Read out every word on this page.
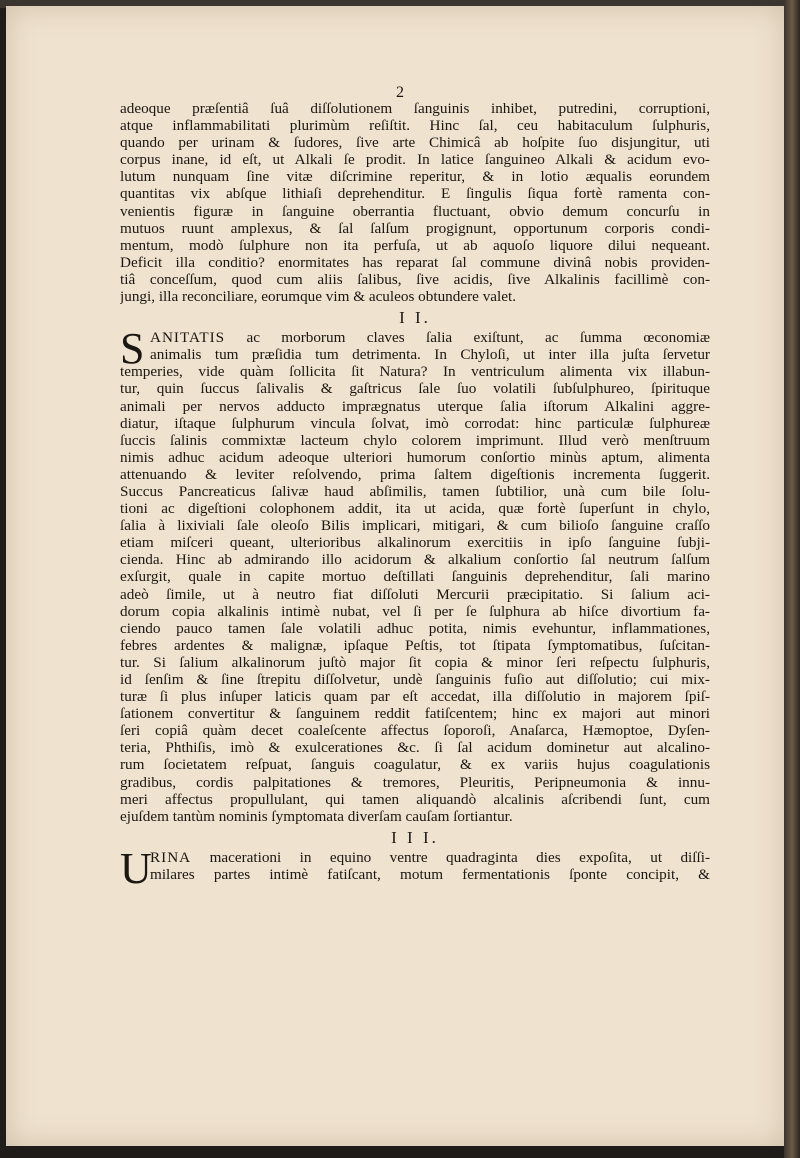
2
adeoque præſentiâ ſuâ diſſolutionem ſanguinis inhibet, putredini, corruptioni,
atque inflammabilitati plurimùm reſiſtit. Hinc ſal, ceu habitaculum ſulphuris,
quando per urinam & ſudores, ſive arte Chimicâ ab hoſpite ſuo disjungitur, uti
corpus inane, id eſt, ut Alkali ſe prodit. In latice ſanguineo Alkali & acidum evo-
lutum nunquam ſine vitæ diſcrimine reperitur, & in lotio æqualis eorundem
quantitas vix abſque lithiaſi deprehenditur. E ſingulis ſiqua fortè ramenta con-
venientis figuræ in ſanguine oberrantia fluctuant, obvio demum concurſu in
mutuos ruunt amplexus, & ſal ſalſum progignunt, opportunum corporis condi-
mentum, modò ſulphure non ita perfuſa, ut ab aquoſo liquore dilui nequeant.
Deficit illa conditio? enormitates has reparat ſal commune divinâ nobis providen-
tiâ conceſſum, quod cum aliis ſalibus, ſive acidis, ſive Alkalinis facillimè con-
jungi, illa reconciliare, eorumque vim & aculeos obtundere valet.
I I.
S ANITATIS ac morborum claves ſalia exiſtunt, ac ſumma œconomiæ
animalis tum præſidia tum detrimenta. In Chyloſi, ut inter illa juſta ſervetur
temperies, vide quàm ſollicita ſit Natura? In ventriculum alimenta vix illabun-
tur, quin ſuccus ſalivalis & gaſtricus ſale ſuo volatili ſubſulphureo, ſpirituque
animali per nervos adducto imprægnatus uterque ſalia iſtorum Alkalini aggre-
diatur, iſtaque ſulphurum vincula ſolvat, imò corrodat: hinc particulæ ſulphureæ
ſuccis ſalinis commixtæ lacteum chylo colorem imprimunt. Illud verò menſtruum
nimis adhuc acidum adeoque ulteriori humorum conſortio minùs aptum, alimenta
attenuando & leviter reſolvendo, prima ſaltem digeſtionis incrementa ſuggerit.
Succus Pancreaticus ſalivæ haud abſimilis, tamen ſubtilior, unà cum bile ſolu-
tioni ac digeſtioni colophonem addit, ita ut acida, quæ fortè ſuperſunt in chylo,
ſalia à lixiviali ſale oleoſo Bilis implicari, mitigari, & cum bilioſo ſanguine craſſo
etiam miſceri queant, ulterioribus alkalinorum exercitiis in ipſo ſanguine ſubji-
cienda. Hinc ab admirando illo acidorum & alkalium conſortio ſal neutrum ſalſum
exſurgit, quale in capite mortuo deſtillati ſanguinis deprehenditur, ſali marino
adeò ſimile, ut à neutro fiat diſſoluti Mercurii præcipitatio. Si ſalium aci-
dorum copia alkalinis intimè nubat, vel ſi per ſe ſulphura ab hiſce divortium fa-
ciendo pauco tamen ſale volatili adhuc potita, nimis evehuntur, inflammationes,
febres ardentes & malignæ, ipſaque Peſtis, tot ſtipata ſymptomatibus, ſuſcitan-
tur. Si ſalium alkalinorum juſtò major ſit copia & minor ſeri reſpectu ſulphuris,
id ſenſim & ſine ſtrepitu diſſolvetur, undè ſanguinis fuſio aut diſſolutio; cui mix-
turæ ſi plus inſuper laticis quam par eſt accedat, illa diſſolutio in majorem ſpiſ-
ſationem convertitur & ſanguinem reddit fatiſcentem; hinc ex majori aut minori
ſeri copiâ quàm decet coaleſcente affectus ſoporoſi, Anaſarca, Hæmoptoe, Dyſen-
teria, Phthiſis, imò & exulcerationes &c. ſi ſal acidum dominetur aut alcalino-
rum ſocietatem reſpuat, ſanguis coagulatur, & ex variis hujus coagulationis
gradibus, cordis palpitationes & tremores, Pleuritis, Peripneumonia & innu-
meri affectus propullulant, qui tamen aliquandò alcalinis aſcribendi ſunt, cum
ejuſdem tantùm nominis ſymptomata diverſam cauſam ſortiantur.
I I I.
U
RINA macerationi in equino ventre quadraginta dies expoſita, ut diſſi-
milares partes intimè fatiſcant, motum fermentationis ſponte concipit, &
